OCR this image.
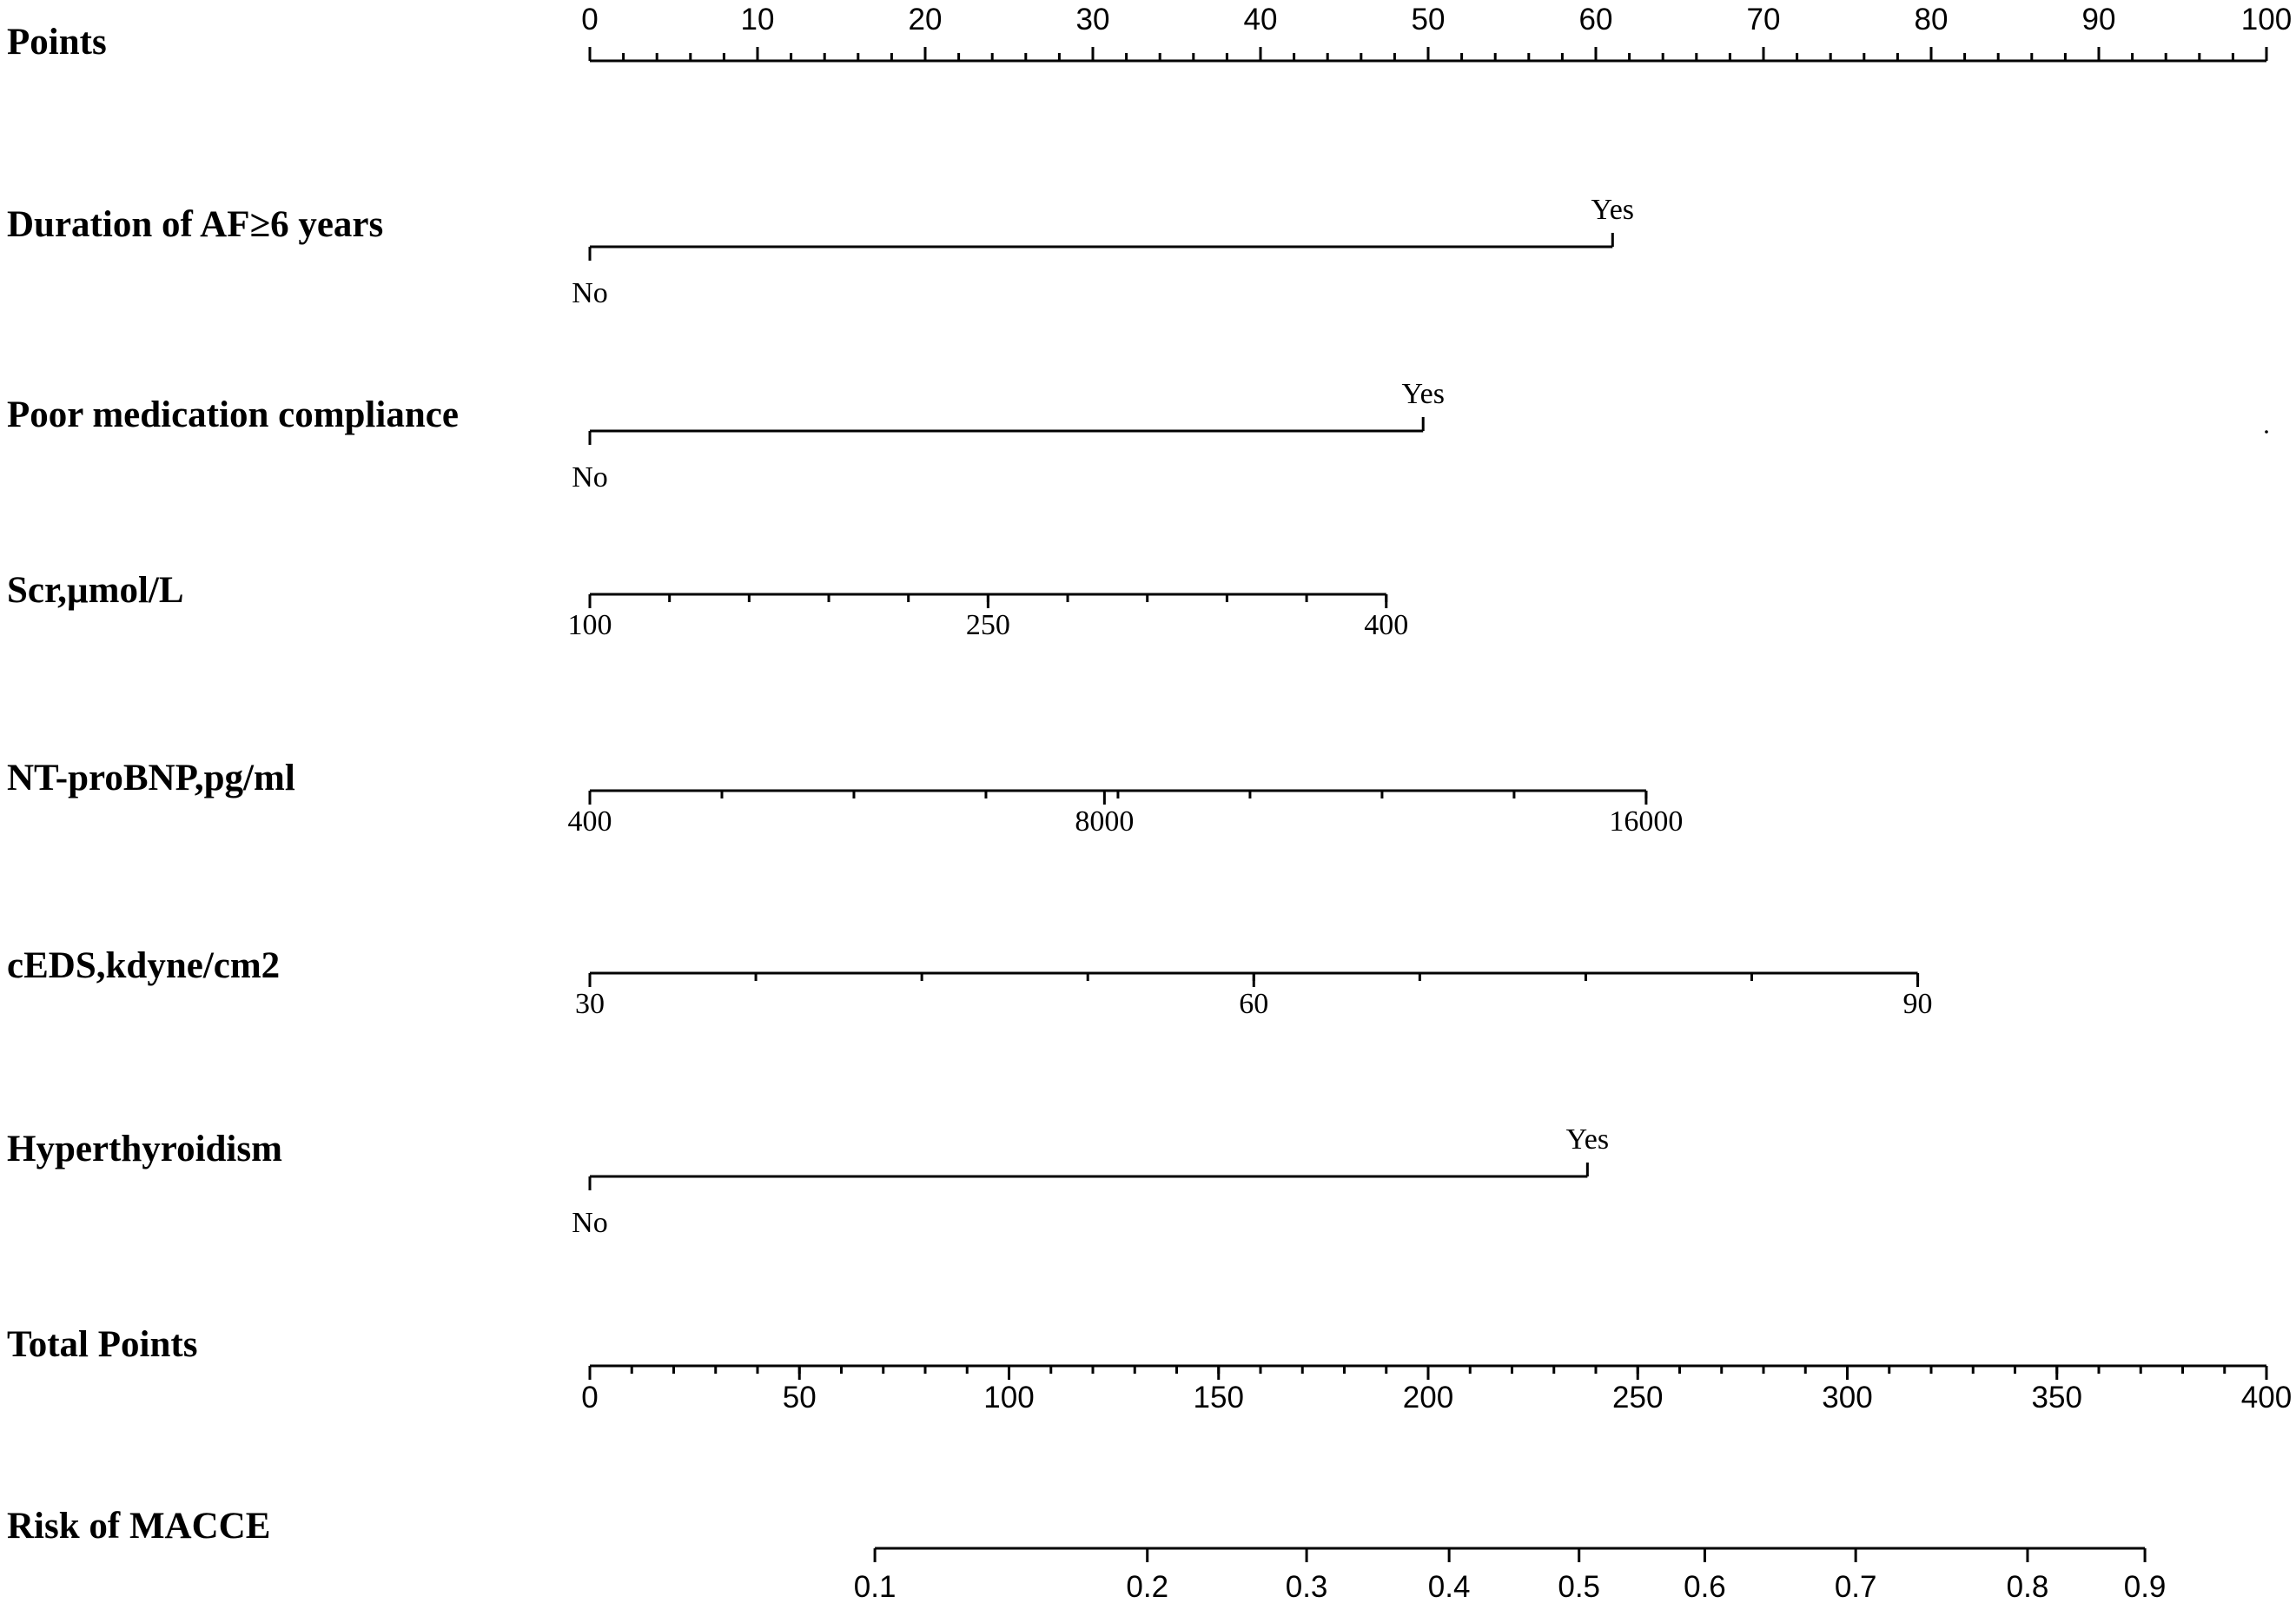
Points
0	10	20	30	40	50	60	70	80	90	100
Duration of AF≥6 years
No
Yes
Poor medication compliance
No
Yes
Scr,µmol/L
100	250	400
NT-proBNP,pg/ml
400	8000	16000
cEDS,kdyne/cm2
30	60	90
Hyperthyroidism
No
Yes
Total Points
0	50	100	150	200	250	300	350	400
Risk of MACCE
0.1	0.2	0.3	0.4	0.5	0.6	0.7	0.8 0.9
